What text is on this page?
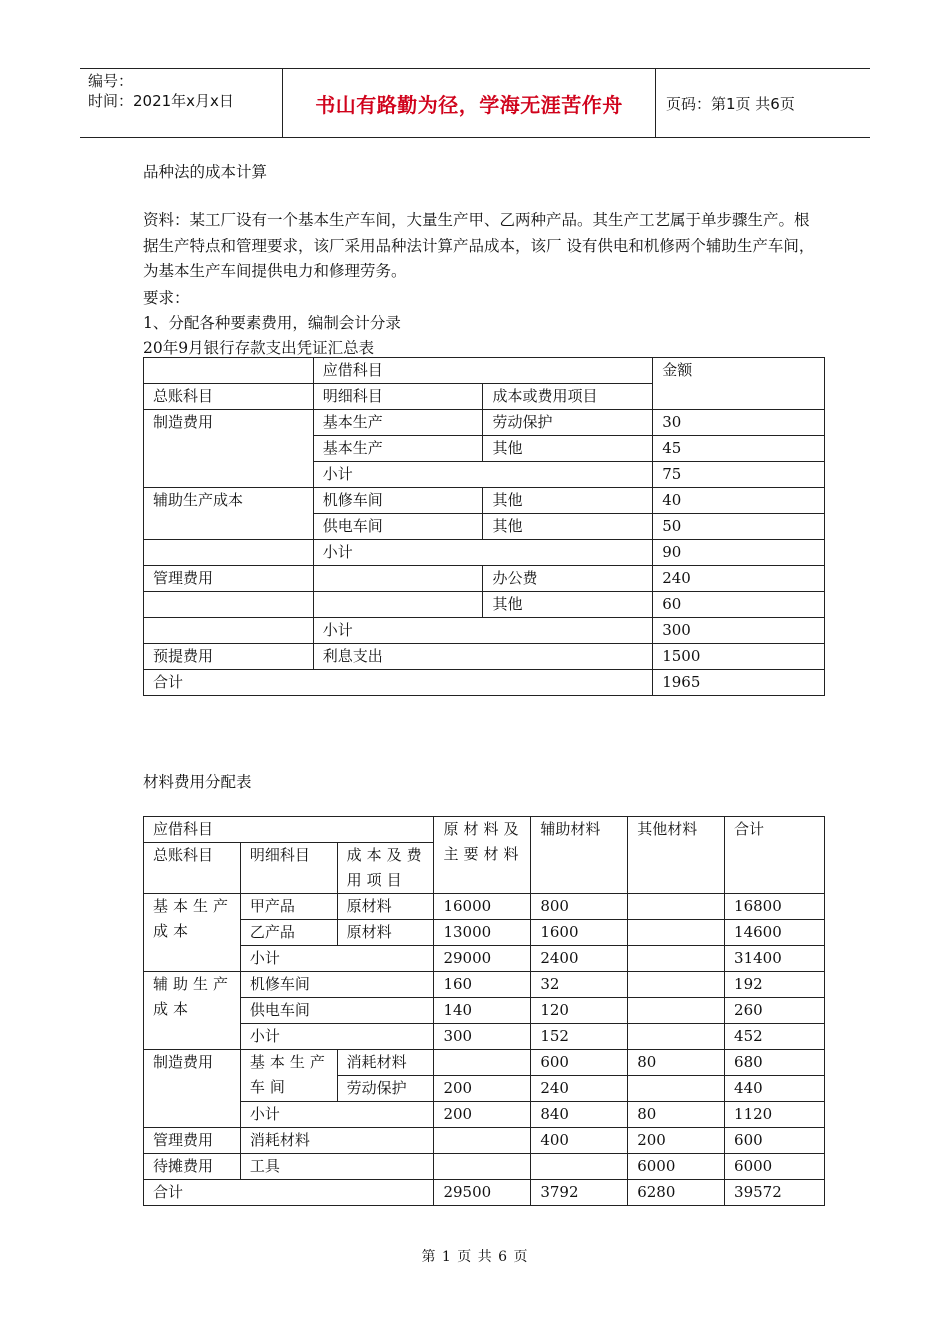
编号：
时间：2021年x月x日	书山有路勤为径，学海无涯苦作舟	页码：第1页 共6页
品种法的成本计算
资料：某工厂设有一个基本生产车间，大量生产甲、乙两种产品。其生产工艺属于单步骤生产。根据生产特点和管理要求，该厂采用品种法计算产品成本，该厂 设有供电和机修两个辅助生产车间，为基本生产车间提供电力和修理劳务。
要求：
1、分配各种要素费用，编制会计分录
20年9月银行存款支出凭证汇总表
	应借科目		金额
总账科目	明细科目	成本或费用项目	
制造费用	基本生产	劳动保护	30
	基本生产	其他	45
	小计		75
辅助生产成本	机修车间	其他	40
	供电车间	其他	50
	小计		90
管理费用		办公费	240
		其他	60
	小计		300
预提费用	利息支出		1500
合计			1965
材料费用分配表
应借科目			原材料及主要材料	辅助材料	其他材料	合计
总账科目	明细科目	成本及费用项目				
基本生产成本	甲产品	原材料	16000	800		16800
	乙产品	原材料	13000	1600		14600
	小计		29000	2400		31400
辅助生产成本	机修车间		160	32		192
	供电车间		140	120		260
	小计		300	152		452
制造费用	基本生产车间	消耗材料		600	80	680
		劳动保护	200	240		440
	小计		200	840	80	1120
管理费用	消耗材料			400	200	600
待摊费用	工具				6000	6000
合计			29500	3792	6280	39572
第 1 页 共 6 页
